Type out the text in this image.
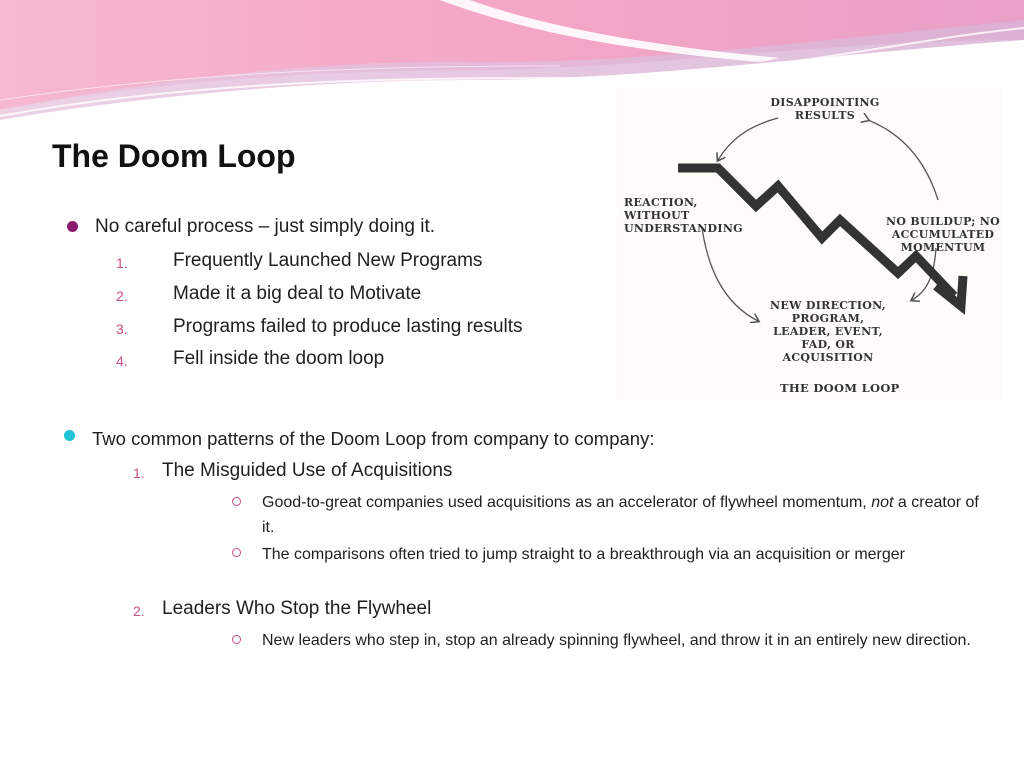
The Doom Loop
No careful process – just simply doing it.
1. Frequently Launched New Programs
2. Made it a big deal to Motivate
3. Programs failed to produce lasting results
4. Fell inside the doom loop
DISAPPOINTING RESULTS
NO BUILDUP; NO ACCUMULATED MOMENTUM
NEW DIRECTION, PROGRAM, LEADER, EVENT, FAD, OR ACQUISITION
REACTION, WITHOUT UNDERSTANDING
THE DOOM LOOP
Two common patterns of the Doom Loop from company to company:
1. The Misguided Use of Acquisitions
Good-to-great companies used acquisitions as an accelerator of flywheel momentum, not a creator of it.
The comparisons often tried to jump straight to a breakthrough via an acquisition or merger
2. Leaders Who Stop the Flywheel
New leaders who step in, stop an already spinning flywheel, and throw it in an entirely new direction.
